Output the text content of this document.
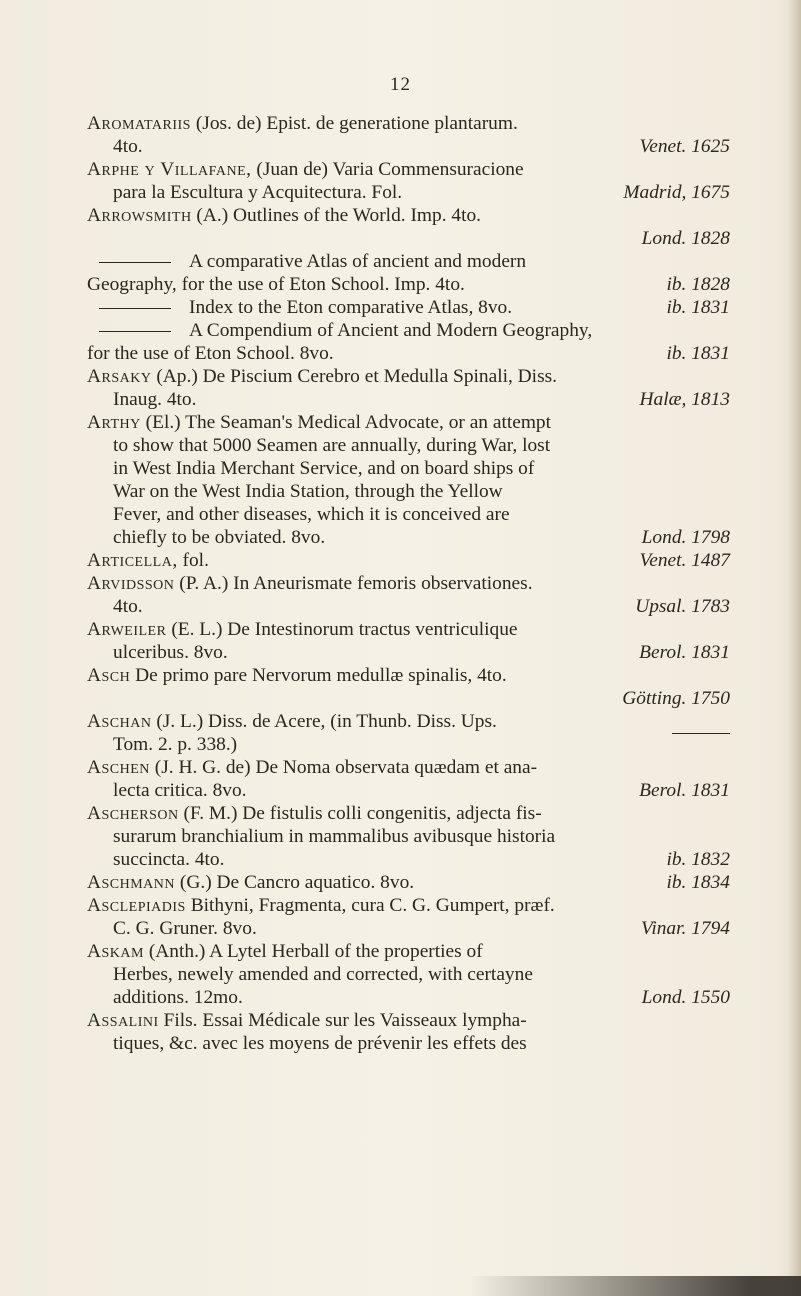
12
Aromatariis (Jos. de) Epist. de generatione plantarum.
4to.	Venet. 1625
Arphe y Villafane, (Juan de) Varia Commensuracione
para la Escultura y Acquitectura. Fol.	Madrid, 1675
Arrowsmith (A.) Outlines of the World. Imp. 4to.
Lond. 1828
A comparative Atlas of ancient and modern
Geography, for the use of Eton School. Imp. 4to.	ib. 1828
Index to the Eton comparative Atlas, 8vo.	ib. 1831
A Compendium of Ancient and Modern Geography,
for the use of Eton School. 8vo.	ib. 1831
Arsaky (Ap.) De Piscium Cerebro et Medulla Spinali, Diss.
Inaug. 4to.	Halæ, 1813
Arthy (El.) The Seaman's Medical Advocate, or an attempt
to show that 5000 Seamen are annually, during War, lost
in West India Merchant Service, and on board ships of
War on the West India Station, through the Yellow
Fever, and other diseases, which it is conceived are
chiefly to be obviated. 8vo.	Lond. 1798
Articella, fol.	Venet. 1487
Arvidsson (P. A.) In Aneurismate femoris observationes.
4to.	Upsal. 1783
Arweiler (E. L.) De Intestinorum tractus ventriculique
ulceribus. 8vo.	Berol. 1831
Asch De primo pare Nervorum medullæ spinalis, 4to.
Götting. 1750
Aschan (J. L.) Diss. de Acere, (in Thunb. Diss. Ups.
Tom. 2. p. 338.)
Aschen (J. H. G. de) De Noma observata quædam et ana-
lecta critica. 8vo.	Berol. 1831
Ascherson (F. M.) De fistulis colli congenitis, adjecta fis-
surarum branchialium in mammalibus avibusque historia
succincta. 4to.	ib. 1832
Aschmann (G.) De Cancro aquatico. 8vo.	ib. 1834
Asclepiadis Bithyni, Fragmenta, cura C. G. Gumpert, præf.
C. G. Gruner. 8vo.	Vinar. 1794
Askam (Anth.) A Lytel Herball of the properties of
Herbes, newely amended and corrected, with certayne
additions. 12mo.	Lond. 1550
Assalini Fils. Essai Médicale sur les Vaisseaux lympha-
tiques, &c. avec les moyens de prévenir les effets des
